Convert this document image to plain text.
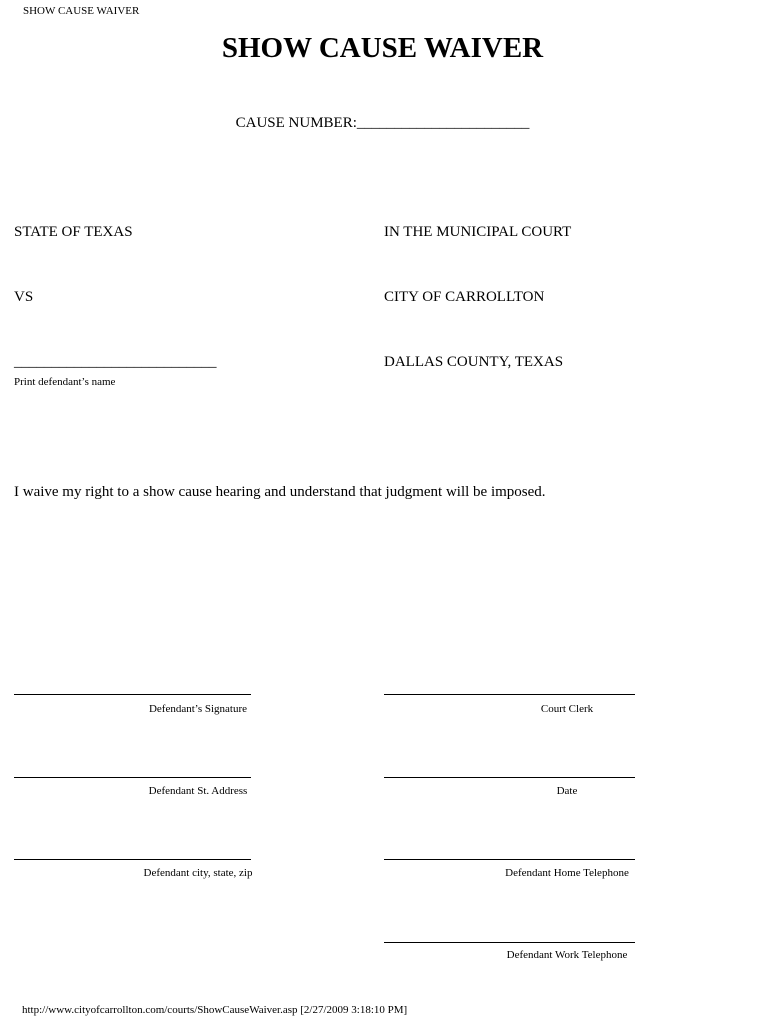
SHOW CAUSE WAIVER
SHOW CAUSE WAIVER
CAUSE NUMBER:_______________________
STATE OF TEXAS
VS
___________________________
Print defendant’s name
IN THE MUNICIPAL COURT
CITY OF CARROLLTON
DALLAS COUNTY, TEXAS
I waive my right to a show cause hearing and understand that judgment will be imposed.
Defendant’s Signature
Defendant St. Address
Defendant city, state, zip
Court Clerk
Date
Defendant Home Telephone
Defendant Work Telephone
http://www.cityofcarrollton.com/courts/ShowCauseWaiver.asp [2/27/2009 3:18:10 PM]
